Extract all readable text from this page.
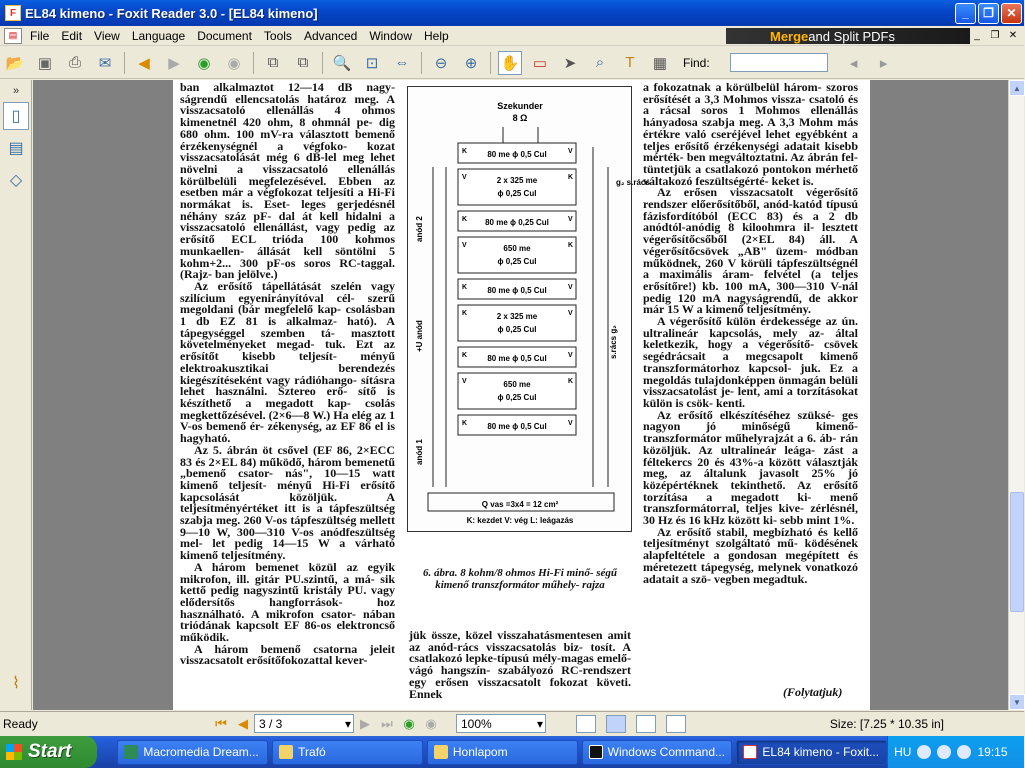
F EL84 kimeno - Foxit Reader 3.0 - [EL84 kimeno]	_	❐	✕
▤	File	Edit	View	Language	Document	Tools	Advanced	Window	Help	Merge and Split PDFs	_	❐ ✕
📂 ▣	⎙	✉	◀	▶	◉	◉	⧉	⧉	🔍 ⊡	⇔	⊖	⊕	✋ ▭	➤	⌕	T	▦	Find:	◂	▸
»
▯
▤
◇
⌇

ban alkalmaztot 12—14 dB nagy- ságrendű ellencsatolás határoz meg. A visszacsatoló ellenállás 4 ohmos kimenetnél 420 ohm, 8 ohmnál pe- dig 680 ohm. 100 mV-ra választott bemenő érzékenységnél a végfoko- kozat visszacsatolását még 6 dB-lel meg lehet növelni a visszacsatoló ellenállás körülbelüli megfelezésével. Ebben az esetben már a végfokozat teljesíti a Hi-Fi normákat is. Eset- leges gerjedésnél néhány száz pF- dal át kell hidalni a visszacsatoló ellenállást, vagy pedig az erősítő ECL trióda 100 kohmos munkaellen- állását kell söntölni 5 kohm+2... 300 pF-os soros RC-taggal. (Rajz- ban jelölve.)

Az erősítő tápellátását szelén vagy szilícium egyenirányítóval cél- szerű megoldani (bár megfelelő kap- csolásban 1 db EZ 81 is alkalmaz- ható). A tápegységgel szemben tá- masztott követelményeket megad- tuk. Ezt az erősítőt kisebb teljesít- ményű elektroakusztikai berendezés kiegészítéseként vagy rádióhango- sításra lehet használni. Sztereo erő- sítő is készíthető a megadott kap- csolás megkettőzésével. (2×6—8 W.) Ha elég az 1 V-os bemenő ér- zékenység, az EF 86 el is hagyható.

Az 5. ábrán öt csővel (EF 86, 2×ECC 83 és 2×EL 84) működő, három bemenetű „bemenő csator- nás", 10—15 watt kimenő teljesít- ményű Hi-Fi erősítő kapcsolását közöljük. A teljesítményértéket itt is a tápfeszültség szabja meg. 260 V-os tápfeszültség mellett 9—10 W, 300—310 V-os anódfeszültség mel- let pedig 14—15 W a várható kimenő teljesítmény.

A három bemenet közül az egyik mikrofon, ill. gitár PU.szintű, a má- sik kettő pedig nagyszintű kristály PU. vagy elődersítős hangforrások- hoz használható. A mikrofon csator- nában triódának kapcsolt EF 86-os elektroncső működik.

A három bemenő csatorna jeleit visszacsatolt erősítőfokozattal kever-

Szekunder
8 Ω
80 me ϕ 0,5 Cul
K	V
2 x 325 me
ϕ 0,25 Cul
V	K
80 me ϕ 0,25 Cul
K	V
650 me
ϕ 0,25 Cul
V	K
80 me ϕ 0,5 Cul
K	V
2 x 325 me
ϕ 0,25 Cul
K	V
80 me ϕ 0,5 Cul
K	V
650 me
ϕ 0,25 Cul
V	K
80 me ϕ 0,5 Cul
K	V
anód 2
+U anód
anód 1
g₂ s.rács
s.rács g₂
Q vas =3x4 = 12 cm²
K: kezdet V: vég L: leágazás
6. ábra. 8 kohm/8 ohmos Hi-Fi minő- ségű kimenő transzformátor műhely- rajza
jük össze, közel visszahatásmentesen amit az anód-rács visszacsatolás biz- tosít. A csatlakozó lepke-típusú mély-magas emelő-vágó hangszín- szabályozó RC-rendszert egy erősen visszacsatolt fokozat követi. Ennek

a fokozatnak a körülbelül három- szoros erősítését a 3,3 Mohmos vissza- csatoló és a rácsal soros 1 Mohmos ellenállás hányadosa szabja meg. A 3,3 Mohm más értékre való cseréjével lehet egyébként a teljes erősítő érzékenységi adatait kisebb mérték- ben megváltoztatni. Az ábrán fel- tüntetjük a csatlakozó pontokon mérhető váltakozó feszültségérté- keket is.

Az erősen visszacsatolt végerősítő rendszer előerősítőből, anód-katód típusú fázisfordítóból (ECC 83) és a 2 db anódtól-anódig 8 kiloohmra il- lesztett végerősítőcsőből (2×EL 84) áll. A végerősítőcsövek „AB" üzem- módban működnek, 260 V körüli tápfeszültségnél a maximális áram- felvétel (a teljes erősítőre!) kb. 100 mA, 300—310 V-nál pedig 120 mA nagyságrendű, de akkor már 15 W a kimenő teljesítmény.

A végerősítő külön érdekessége az ún. ultralineár kapcsolás, mely az- által keletkezik, hogy a végerősítő- csövek segédrácsait a megcsapolt kimenő transzformátorhoz kapcsol- juk. Ez a megoldás tulajdonképpen önmagán belüli visszacsatolást je- lent, ami a torzításokat külön is csök- kenti.

Az erősítő elkészítéséhez szüksé- ges nagyon jó minőségű kimenő- transzformátor műhelyrajzát a 6. áb- rán közöljük. Az ultralineár leága- zást a féltekercs 20 és 43%-a között választják meg, az általunk javasolt 25% jó középértéknek tekinthető. Az erősítő torzítása a megadott ki- menő transzformátorral, teljes kive- zérlésnél, 30 Hz és 16 kHz között ki- sebb mint 1%.

Az erősítő stabil, megbízható és kellő teljesítményt szolgáltató mű- ködésének alapfeltétele a gondosan megépített és méretezett tápegység, melynek vonatkozó adatait a szö- vegben megadtuk.

(Folytatjuk)
▲
▼
Ready	⏮ ◀ 3 / 3	▾ ▶ ⏭ ◉ ◉	100%	▾	Size: [7.25 * 10.35 in]
Start	Macromedia Dream...	Trafó	Honlapom	Windows Command...	EL84 kimeno - Foxit... HU	19:15
